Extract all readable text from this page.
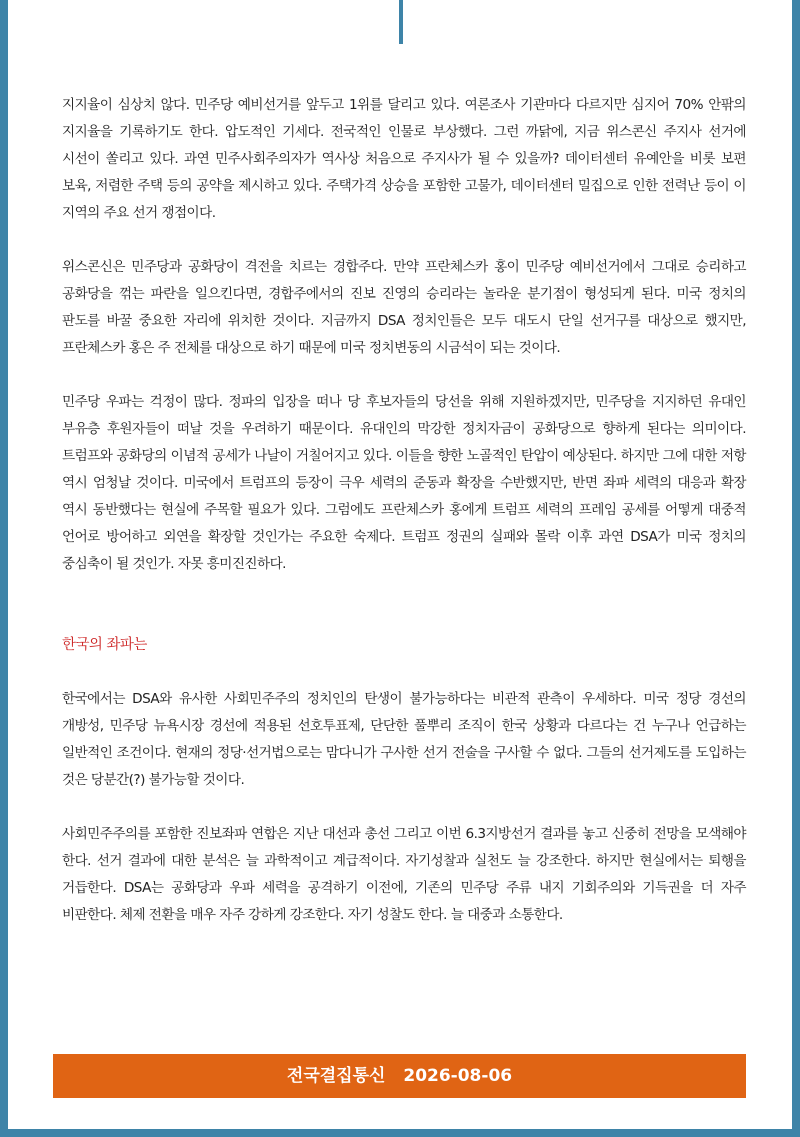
지지율이 심상치 않다. 민주당 예비선거를 앞두고 1위를 달리고 있다. 여론조사 기관마다 다르지만 심지어 70% 안팎의 지지율을 기록하기도 한다. 압도적인 기세다. 전국적인 인물로 부상했다. 그런 까닭에, 지금 위스콘신 주지사 선거에 시선이 쏠리고 있다. 과연 민주사회주의자가 역사상 처음으로 주지사가 될 수 있을까? 데이터센터 유예안을 비롯 보편 보육, 저렴한 주택 등의 공약을 제시하고 있다. 주택가격 상승을 포함한 고물가, 데이터센터 밀집으로 인한 전력난 등이 이 지역의 주요 선거 쟁점이다.

위스콘신은 민주당과 공화당이 격전을 치르는 경합주다. 만약 프란체스카 홍이 민주당 예비선거에서 그대로 승리하고 공화당을 꺾는 파란을 일으킨다면, 경합주에서의 진보 진영의 승리라는 놀라운 분기점이 형성되게 된다. 미국 정치의 판도를 바꿀 중요한 자리에 위치한 것이다. 지금까지 DSA 정치인들은 모두 대도시 단일 선거구를 대상으로 했지만, 프란체스카 홍은 주 전체를 대상으로 하기 때문에 미국 정치변동의 시금석이 되는 것이다.

민주당 우파는 걱정이 많다. 정파의 입장을 떠나 당 후보자들의 당선을 위해 지원하겠지만, 민주당을 지지하던 유대인 부유층 후원자들이 떠날 것을 우려하기 때문이다. 유대인의 막강한 정치자금이 공화당으로 향하게 된다는 의미이다. 트럼프와 공화당의 이념적 공세가 나날이 거칠어지고 있다. 이들을 향한 노골적인 탄압이 예상된다. 하지만 그에 대한 저항 역시 엄청날 것이다. 미국에서 트럼프의 등장이 극우 세력의 준동과 확장을 수반했지만, 반면 좌파 세력의 대응과 확장 역시 동반했다는 현실에 주목할 필요가 있다. 그럼에도 프란체스카 홍에게 트럼프 세력의 프레임 공세를 어떻게 대중적 언어로 방어하고 외연을 확장할 것인가는 주요한 숙제다. 트럼프 정권의 실패와 몰락 이후 과연 DSA가 미국 정치의 중심축이 될 것인가. 자못 흥미진진하다.

한국의 좌파는

한국에서는 DSA와 유사한 사회민주주의 정치인의 탄생이 불가능하다는 비관적 관측이 우세하다. 미국 정당 경선의 개방성, 민주당 뉴욕시장 경선에 적용된 선호투표제, 단단한 풀뿌리 조직이 한국 상황과 다르다는 건 누구나 언급하는 일반적인 조건이다. 현재의 정당·선거법으로는 맘다니가 구사한 선거 전술을 구사할 수 없다. 그들의 선거제도를 도입하는 것은 당분간(?) 불가능할 것이다.

사회민주주의를 포함한 진보좌파 연합은 지난 대선과 총선 그리고 이번 6.3지방선거 결과를 놓고 신중히 전망을 모색해야 한다. 선거 결과에 대한 분석은 늘 과학적이고 계급적이다. 자기성찰과 실천도 늘 강조한다. 하지만 현실에서는 퇴행을 거듭한다. DSA는 공화당과 우파 세력을 공격하기 이전에, 기존의 민주당 주류 내지 기회주의와 기득권을 더 자주 비판한다. 체제 전환을 매우 자주 강하게 강조한다. 자기 성찰도 한다. 늘 대중과 소통한다.

전국결집통신 2026-08-06
